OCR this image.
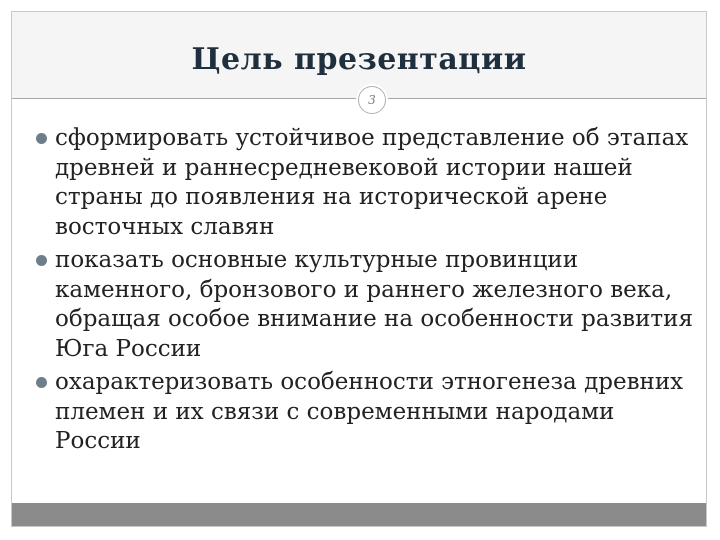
Цель презентации
3
сформировать устойчивое представление об этапах древней и раннесредневековой истории нашей страны до появления на исторической арене восточных славян
показать основные культурные провинции каменного, бронзового и раннего железного века, обращая особое внимание на особенности развития Юга России
охарактеризовать особенности этногенеза древних племен и их связи с современными народами России
